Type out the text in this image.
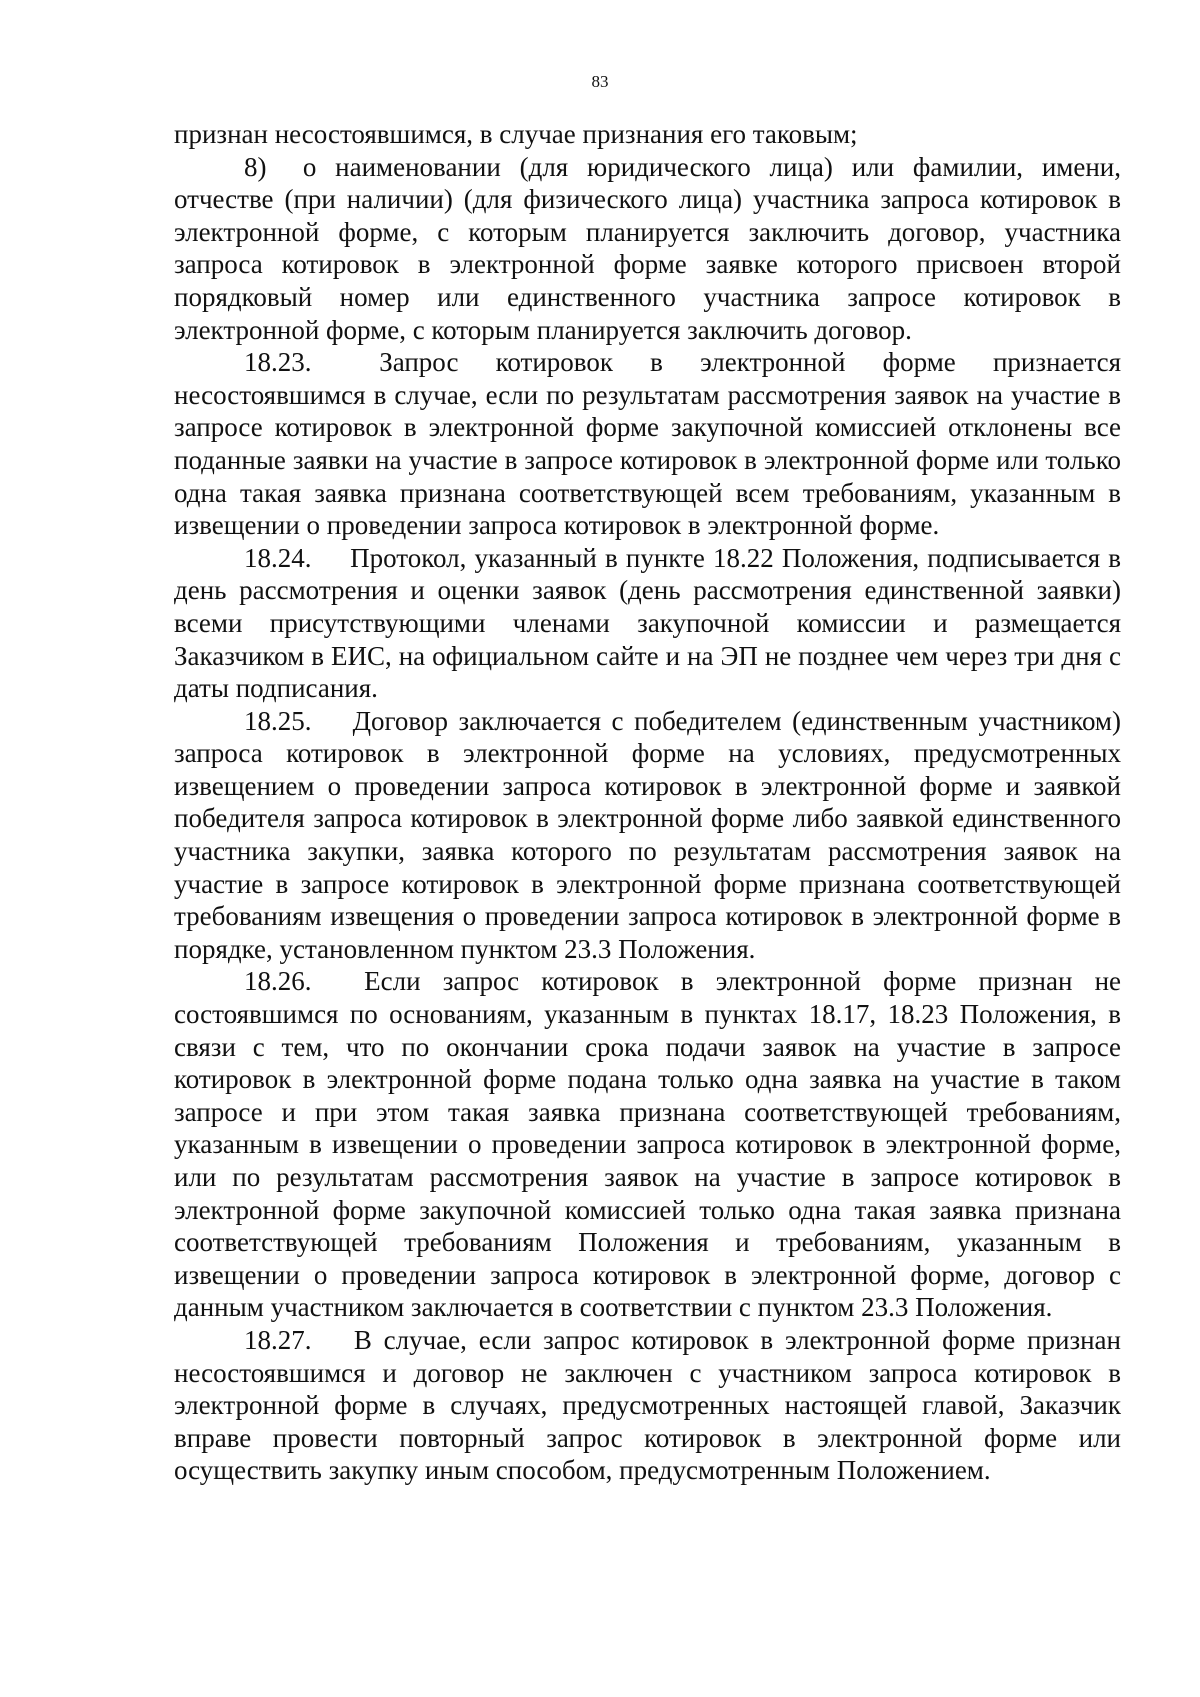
83

признан несостоявшимся, в случае признания его таковым;

8) о наименовании (для юридического лица) или фамилии, имени, отчестве (при наличии) (для физического лица) участника запроса котировок в электронной форме, с которым планируется заключить договор, участника запроса котировок в электронной форме заявке которого присвоен второй порядковый номер или единственного участника запросе котировок в электронной форме, с которым планируется заключить договор.

18.23.	Запрос котировок в электронной форме признается несостоявшимся в случае, если по результатам рассмотрения заявок на участие в запросе котировок в электронной форме закупочной комиссией отклонены все поданные заявки на участие в запросе котировок в электронной форме или только одна такая заявка признана соответствующей всем требованиям, указанным в извещении о проведении запроса котировок в электронной форме.

18.24. Протокол, указанный в пункте 18.22 Положения, подписывается в день рассмотрения и оценки заявок (день рассмотрения единственной заявки) всеми присутствующими членами закупочной комиссии и размещается Заказчиком в ЕИС, на официальном сайте и на ЭП не позднее чем через три дня с даты подписания.

18.25. Договор заключается с победителем (единственным участником) запроса котировок в электронной форме на условиях, предусмотренных извещением о проведении запроса котировок в электронной форме и заявкой победителя запроса котировок в электронной форме либо заявкой единственного участника закупки, заявка которого по результатам рассмотрения заявок на участие в запросе котировок в электронной форме признана соответствующей требованиям извещения о проведении запроса котировок в электронной форме в порядке, установленном пунктом 23.3 Положения.

18.26. Если запрос котировок в электронной форме признан не состоявшимся по основаниям, указанным в пунктах 18.17, 18.23 Положения, в связи с тем, что по окончании срока подачи заявок на участие в запросе котировок в электронной форме подана только одна заявка на участие в таком запросе и при этом такая заявка признана соответствующей требованиям, указанным в извещении о проведении запроса котировок в электронной форме, или по результатам рассмотрения заявок на участие в запросе котировок в электронной форме закупочной комиссией только одна такая заявка признана соответствующей требованиям Положения и требованиям, указанным в извещении о проведении запроса котировок в электронной форме, договор с данным участником заключается в соответствии с пунктом 23.3 Положения.

18.27. В случае, если запрос котировок в электронной форме признан несостоявшимся и договор не заключен с участником запроса котировок в электронной форме в случаях, предусмотренных настоящей главой, Заказчик вправе провести повторный запрос котировок в электронной форме или осуществить закупку иным способом, предусмотренным Положением.
